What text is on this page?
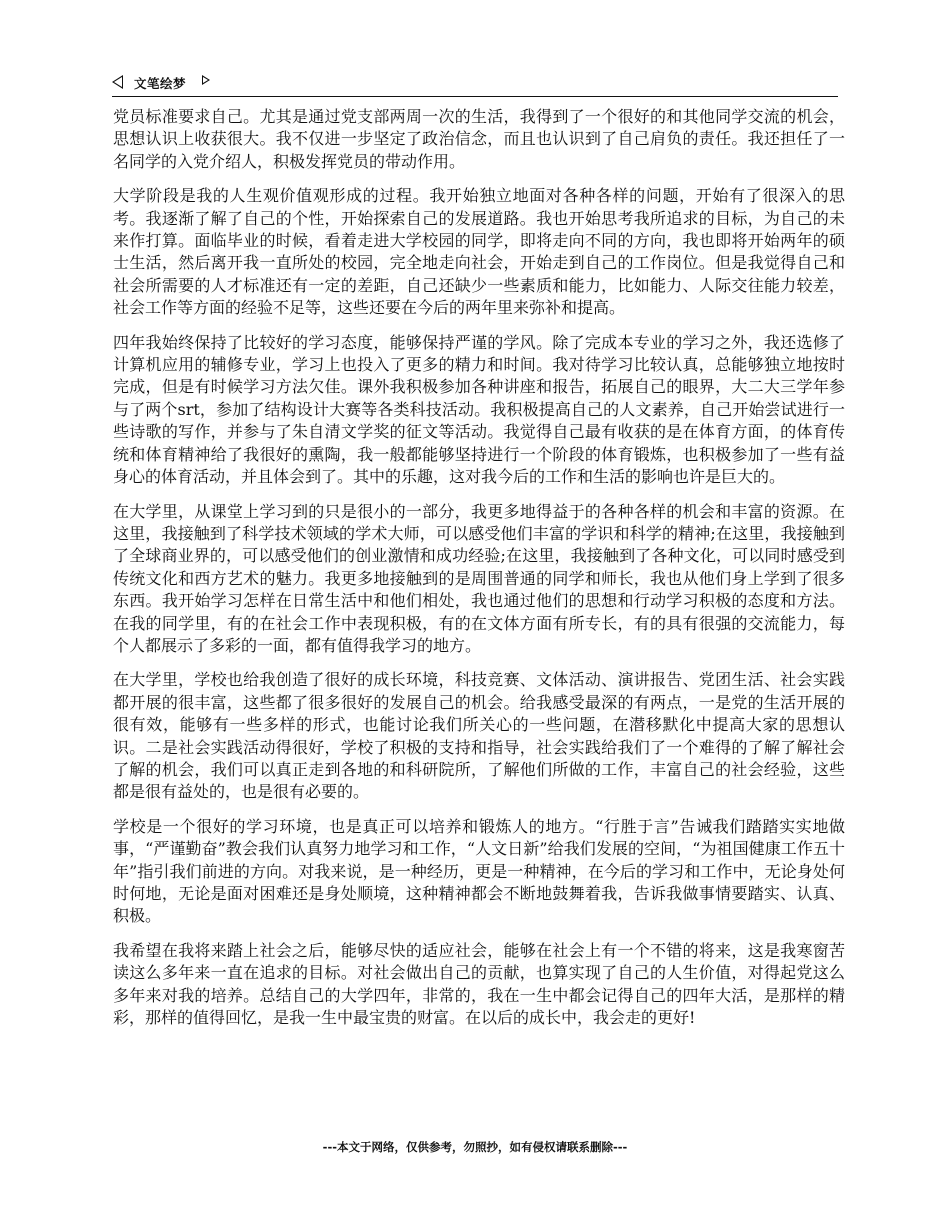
文笔绘梦

党员标准要求自己。尤其是通过党支部两周一次的生活，我得到了一个很好的和其他同学交流的机会，思想认识上收获很大。我不仅进一步坚定了政治信念，而且也认识到了自己肩负的责任。我还担任了一名同学的入党介绍人，积极发挥党员的带动作用。

大学阶段是我的人生观价值观形成的过程。我开始独立地面对各种各样的问题，开始有了很深入的思考。我逐渐了解了自己的个性，开始探索自己的发展道路。我也开始思考我所追求的目标，为自己的未来作打算。面临毕业的时候，看着走进大学校园的同学，即将走向不同的方向，我也即将开始两年的硕士生活，然后离开我一直所处的校园，完全地走向社会，开始走到自己的工作岗位。但是我觉得自己和社会所需要的人才标准还有一定的差距，自己还缺少一些素质和能力，比如能力、人际交往能力较差，社会工作等方面的经验不足等，这些还要在今后的两年里来弥补和提高。

四年我始终保持了比较好的学习态度，能够保持严谨的学风。除了完成本专业的学习之外，我还选修了计算机应用的辅修专业，学习上也投入了更多的精力和时间。我对待学习比较认真，总能够独立地按时完成，但是有时候学习方法欠佳。课外我积极参加各种讲座和报告，拓展自己的眼界，大二大三学年参与了两个srt，参加了结构设计大赛等各类科技活动。我积极提高自己的人文素养，自己开始尝试进行一些诗歌的写作，并参与了朱自清文学奖的征文等活动。我觉得自己最有收获的是在体育方面，的体育传统和体育精神给了我很好的熏陶，我一般都能够坚持进行一个阶段的体育锻炼，也积极参加了一些有益身心的体育活动，并且体会到了。其中的乐趣，这对我今后的工作和生活的影响也许是巨大的。

在大学里，从课堂上学习到的只是很小的一部分，我更多地得益于的各种各样的机会和丰富的资源。在这里，我接触到了科学技术领域的学术大师，可以感受他们丰富的学识和科学的精神;在这里，我接触到了全球商业界的，可以感受他们的创业激情和成功经验;在这里，我接触到了各种文化，可以同时感受到传统文化和西方艺术的魅力。我更多地接触到的是周围普通的同学和师长，我也从他们身上学到了很多东西。我开始学习怎样在日常生活中和他们相处，我也通过他们的思想和行动学习积极的态度和方法。在我的同学里，有的在社会工作中表现积极，有的在文体方面有所专长，有的具有很强的交流能力，每个人都展示了多彩的一面，都有值得我学习的地方。

在大学里，学校也给我创造了很好的成长环境，科技竞赛、文体活动、演讲报告、党团生活、社会实践都开展的很丰富，这些都了很多很好的发展自己的机会。给我感受最深的有两点，一是党的生活开展的很有效，能够有一些多样的形式，也能讨论我们所关心的一些问题，在潜移默化中提高大家的思想认识。二是社会实践活动得很好，学校了积极的支持和指导，社会实践给我们了一个难得的了解了解社会了解的机会，我们可以真正走到各地的和科研院所，了解他们所做的工作，丰富自己的社会经验，这些都是很有益处的，也是很有必要的。

学校是一个很好的学习环境，也是真正可以培养和锻炼人的地方。“行胜于言”告诫我们踏踏实实地做事，“严谨勤奋”教会我们认真努力地学习和工作，“人文日新”给我们发展的空间，“为祖国健康工作五十年”指引我们前进的方向。对我来说，是一种经历，更是一种精神，在今后的学习和工作中，无论身处何时何地，无论是面对困难还是身处顺境，这种精神都会不断地鼓舞着我，告诉我做事情要踏实、认真、积极。

我希望在我将来踏上社会之后，能够尽快的适应社会，能够在社会上有一个不错的将来，这是我寒窗苦读这么多年来一直在追求的目标。对社会做出自己的贡献，也算实现了自己的人生价值，对得起党这么多年来对我的培养。总结自己的大学四年，非常的，我在一生中都会记得自己的四年大活，是那样的精彩，那样的值得回忆，是我一生中最宝贵的财富。在以后的成长中，我会走的更好!

---本文于网络，仅供参考，勿照抄，如有侵权请联系删除---
